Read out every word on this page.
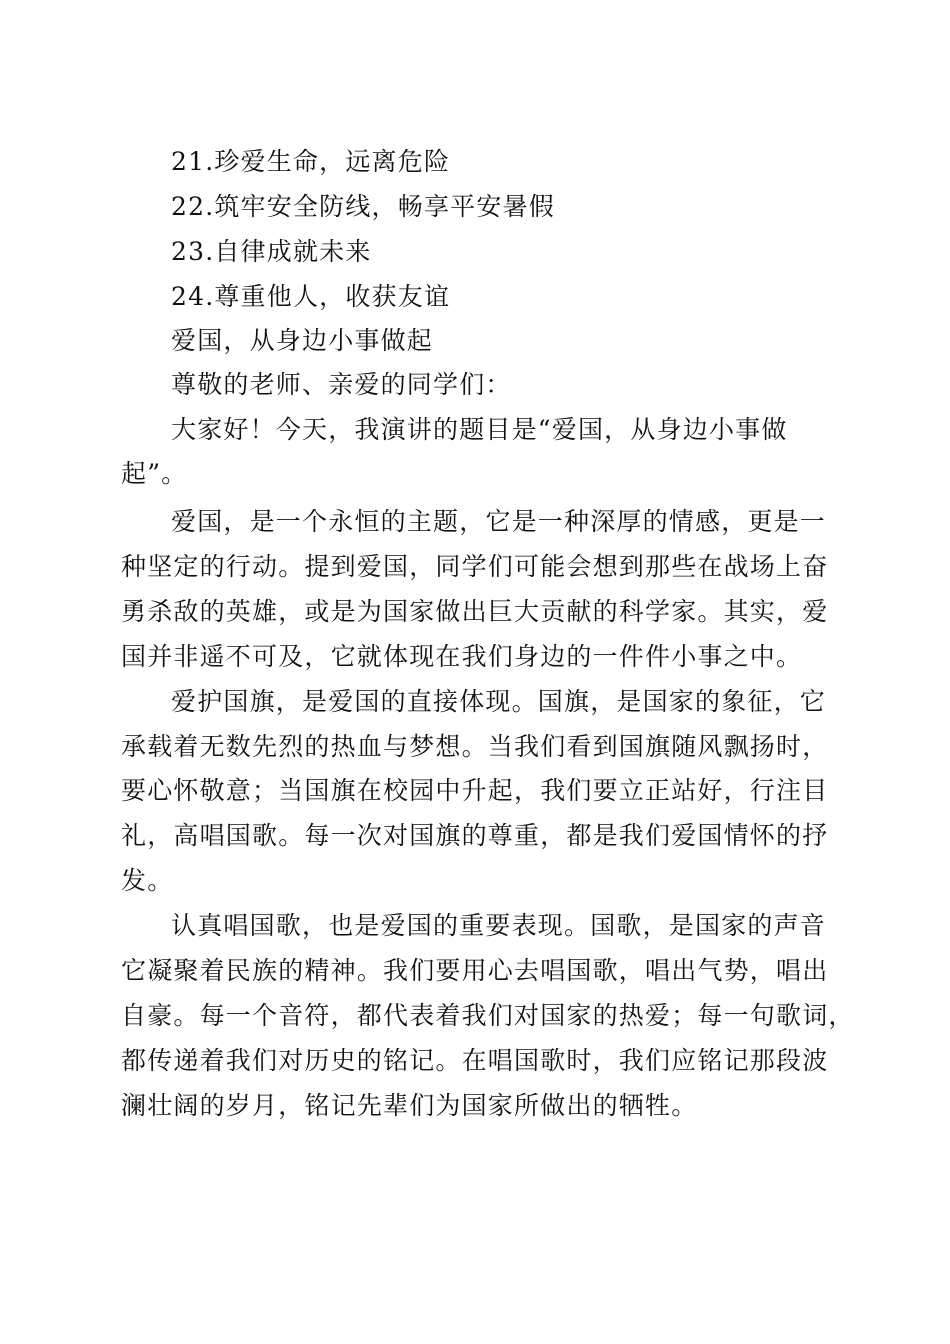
21.珍爱生命，远离危险
22.筑牢安全防线，畅享平安暑假
23.自律成就未来
24.尊重他人，收获友谊
爱国，从身边小事做起
尊敬的老师、亲爱的同学们：
大家好！今天，我演讲的题目是“爱国，从身边小事做
起”。
爱国，是一个永恒的主题，它是一种深厚的情感，更是一
种坚定的行动。提到爱国，同学们可能会想到那些在战场上奋
勇杀敌的英雄，或是为国家做出巨大贡献的科学家。其实，爱
国并非遥不可及，它就体现在我们身边的一件件小事之中。
爱护国旗，是爱国的直接体现。国旗，是国家的象征，它
承载着无数先烈的热血与梦想。当我们看到国旗随风飘扬时，
要心怀敬意；当国旗在校园中升起，我们要立正站好，行注目
礼，高唱国歌。每一次对国旗的尊重，都是我们爱国情怀的抒
发。
认真唱国歌，也是爱国的重要表现。国歌，是国家的声音
它凝聚着民族的精神。我们要用心去唱国歌，唱出气势，唱出
自豪。每一个音符，都代表着我们对国家的热爱；每一句歌词，
都传递着我们对历史的铭记。在唱国歌时，我们应铭记那段波
澜壮阔的岁月，铭记先辈们为国家所做出的牺牲。
